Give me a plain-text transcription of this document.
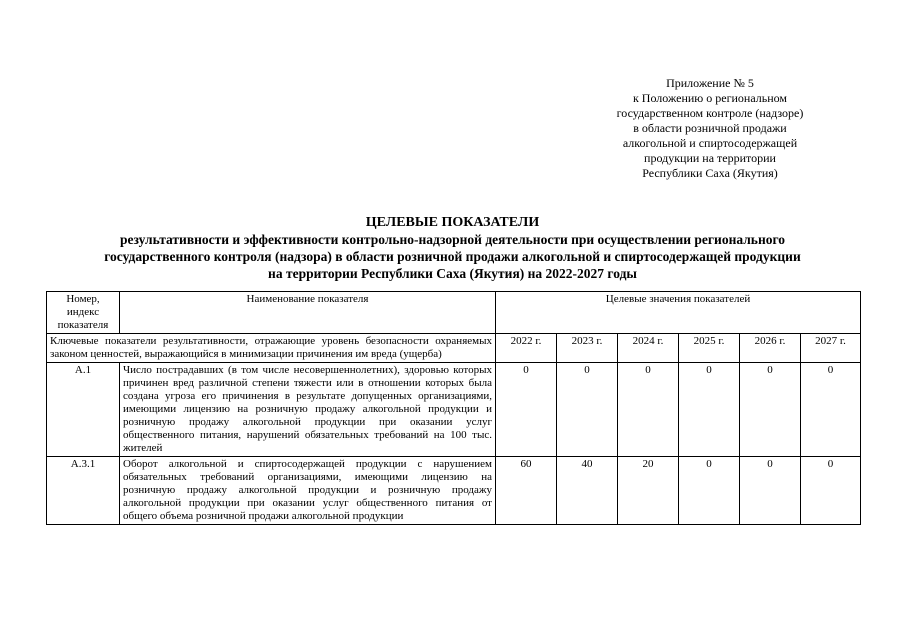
Приложение № 5
к Положению о региональном
государственном контроле (надзоре)
в области розничной продажи
алкогольной и спиртосодержащей
продукции на территории
Республики Саха (Якутия)
ЦЕЛЕВЫЕ ПОКАЗАТЕЛИ
результативности и эффективности контрольно-надзорной деятельности при осуществлении регионального
государственного контроля (надзора) в области розничной продажи алкогольной и спиртосодержащей продукции
на территории Республики Саха (Якутия) на 2022-2027 годы
Номер, индекс показателя	Наименование показателя	Целевые значения показателей					
Ключевые показатели результативности, отражающие уровень безопасности охраняемых законом ценностей, выражающийся в минимизации причинения им вреда (ущерба)		2022 г.	2023 г.	2024 г.	2025 г.	2026 г.	2027 г.
А.1	Число пострадавших (в том числе несовершеннолетних), здоровью которых причинен вред различной степени тяжести или в отношении которых была создана угроза его причинения в результате допущенных организациями, имеющими лицензию на розничную продажу алкогольной продукции и розничную продажу алкогольной продукции при оказании услуг общественного питания, нарушений обязательных требований на 100 тыс. жителей	0	0	0	0	0	0
А.3.1	Оборот алкогольной и спиртосодержащей продукции с нарушением обязательных требований организациями, имеющими лицензию на розничную продажу алкогольной продукции и розничную продажу алкогольной продукции при оказании услуг общественного питания от общего объема розничной продажи алкогольной продукции	60	40	20	0	0	0
